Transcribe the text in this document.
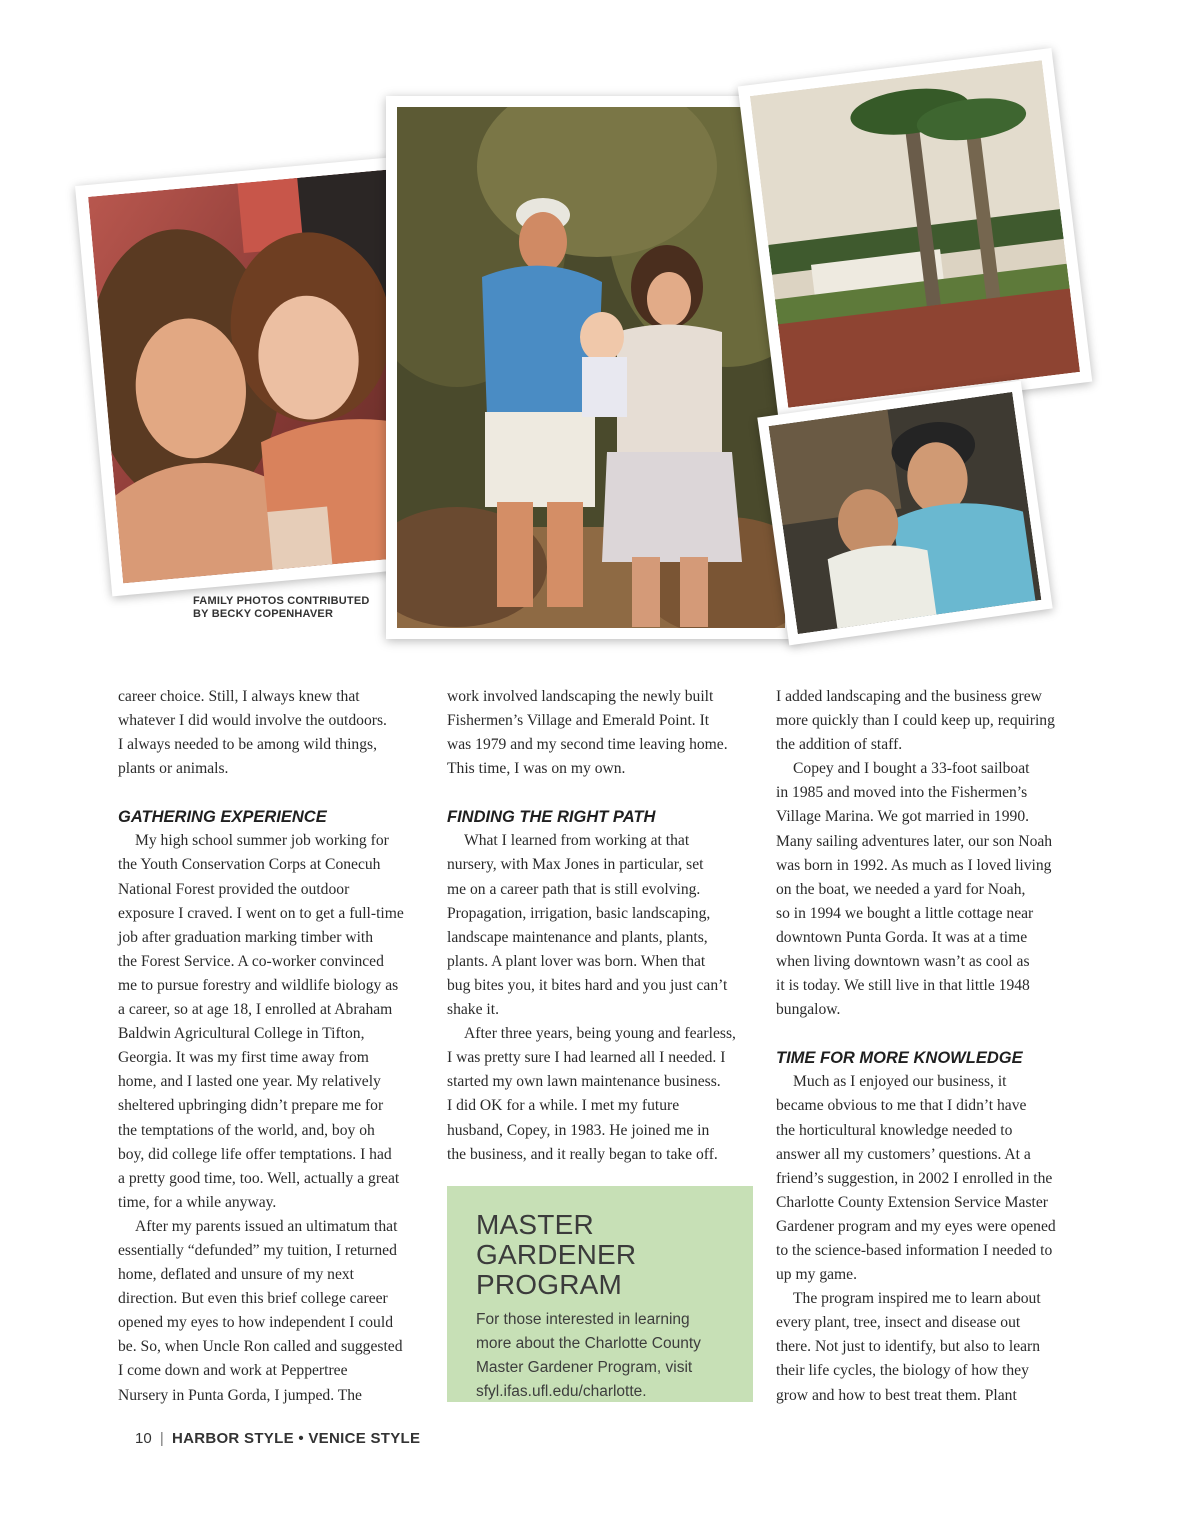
FAMILY PHOTOS CONTRIBUTED
BY BECKY COPENHAVER

career choice. Still, I always knew that
whatever I did would involve the outdoors.
I always needed to be among wild things,
plants or animals.

GATHERING EXPERIENCE

My high school summer job working for
the Youth Conservation Corps at Conecuh
National Forest provided the outdoor
exposure I craved. I went on to get a full-time
job after graduation marking timber with
the Forest Service. A co-worker convinced
me to pursue forestry and wildlife biology as
a career, so at age 18, I enrolled at Abraham
Baldwin Agricultural College in Tifton,
Georgia. It was my first time away from
home, and I lasted one year. My relatively
sheltered upbringing didn’t prepare me for
the temptations of the world, and, boy oh
boy, did college life offer temptations. I had
a pretty good time, too. Well, actually a great
time, for a while anyway.

After my parents issued an ultimatum that
essentially “defunded” my tuition, I returned
home, deflated and unsure of my next
direction. But even this brief college career
opened my eyes to how independent I could
be. So, when Uncle Ron called and suggested
I come down and work at Peppertree
Nursery in Punta Gorda, I jumped. The

work involved landscaping the newly built
Fishermen’s Village and Emerald Point. It
was 1979 and my second time leaving home.
This time, I was on my own.

FINDING THE RIGHT PATH

What I learned from working at that
nursery, with Max Jones in particular, set
me on a career path that is still evolving.
Propagation, irrigation, basic landscaping,
landscape maintenance and plants, plants,
plants. A plant lover was born. When that
bug bites you, it bites hard and you just can’t
shake it.

After three years, being young and fearless,
I was pretty sure I had learned all I needed. I
started my own lawn maintenance business.
I did OK for a while. I met my future
husband, Copey, in 1983. He joined me in
the business, and it really began to take off.

I added landscaping and the business grew
more quickly than I could keep up, requiring
the addition of staff.

Copey and I bought a 33-foot sailboat
in 1985 and moved into the Fishermen’s
Village Marina. We got married in 1990.
Many sailing adventures later, our son Noah
was born in 1992. As much as I loved living
on the boat, we needed a yard for Noah,
so in 1994 we bought a little cottage near
downtown Punta Gorda. It was at a time
when living downtown wasn’t as cool as
it is today. We still live in that little 1948
bungalow.

TIME FOR MORE KNOWLEDGE

Much as I enjoyed our business, it
became obvious to me that I didn’t have
the horticultural knowledge needed to
answer all my customers’ questions. At a
friend’s suggestion, in 2002 I enrolled in the
Charlotte County Extension Service Master
Gardener program and my eyes were opened
to the science-based information I needed to
up my game.

The program inspired me to learn about
every plant, tree, insect and disease out
there. Not just to identify, but also to learn
their life cycles, the biology of how they
grow and how to best treat them. Plant

MASTER GARDENER
PROGRAM
For those interested in learning
more about the Charlotte County
Master Gardener Program, visit
sfyl.ifas.ufl.edu/charlotte.
10 | HARBOR STYLE • VENICE STYLE
